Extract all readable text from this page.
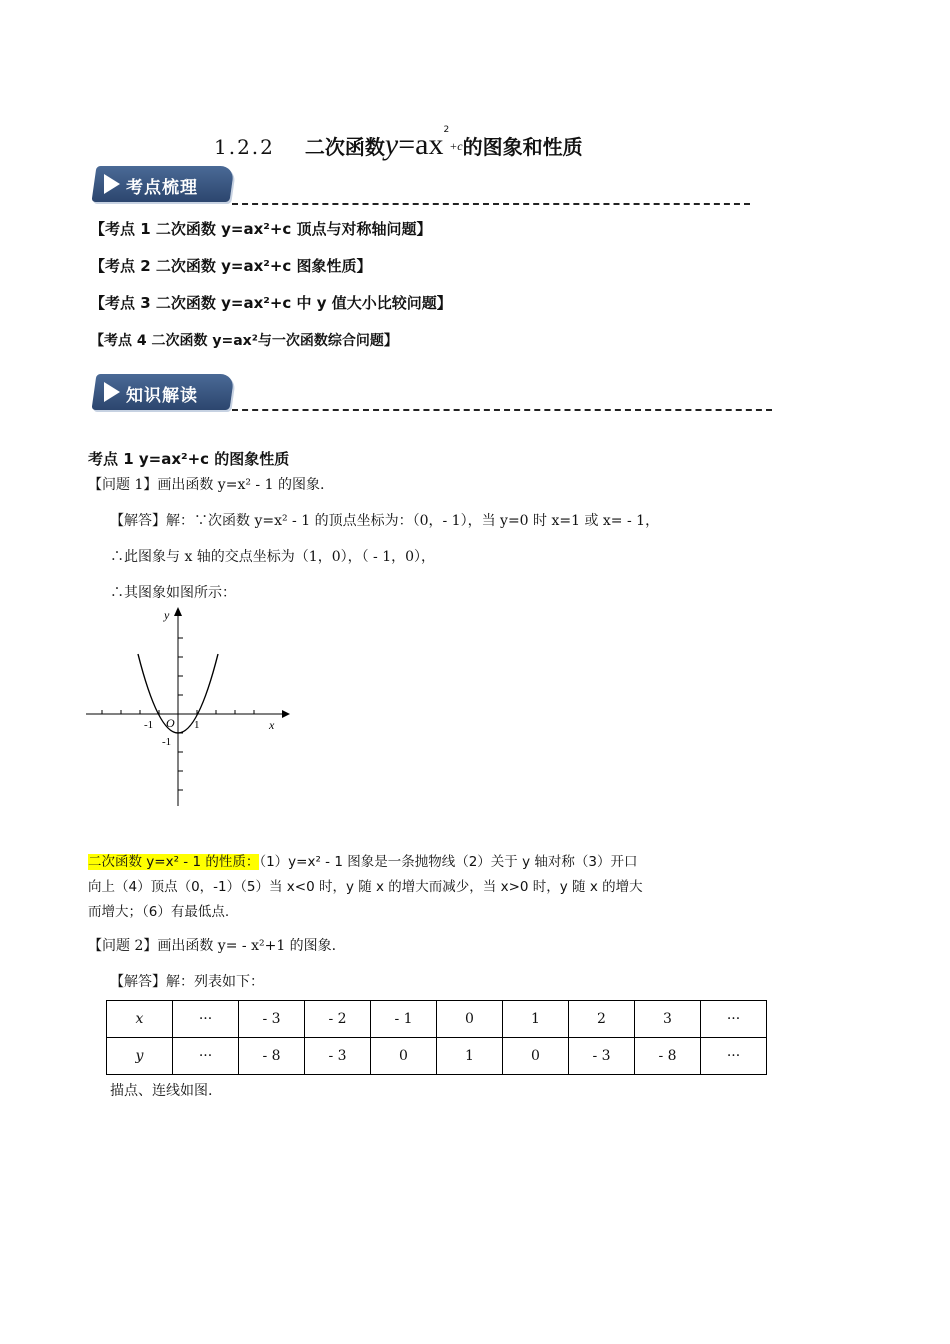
1.2.2 二次函数$y=ax^{2+c}$的图象和性质
考点梳理
【考点 1 二次函数 y=ax²+c 顶点与对称轴问题】
【考点 2 二次函数 y=ax²+c 图象性质】
【考点 3 二次函数 y=ax²+c 中 y 值大小比较问题】
【考点 4 二次函数 y=ax²与一次函数综合问题】
知识解读
考点 1 y=ax²+c 的图象性质
【问题 1】画出函数 y=x² - 1 的图象.
【解答】解：∵次函数 y=x² - 1 的顶点坐标为：（0，- 1），当 y=0 时 x=1 或 x= - 1，
∴此图象与 x 轴的交点坐标为（1，0），（ - 1，0），
∴其图象如图所示：
y
x
O
-1	1
-1
二次函数 y=x² - 1 的性质：（1）y=x² - 1 图象是一条抛物线（2）关于 y 轴对称（3）开口
向上（4）顶点（0，-1）（5）当 x<0 时，y 随 x 的增大而减少，当 x>0 时，y 随 x 的增大
而增大；（6）有最低点.
【问题 2】画出函数 y= - x²+1 的图象.
【解答】解：列表如下：
x	···	- 3	- 2	- 1	0	1	2	3	···
y	···	- 8	- 3	0	1	0	- 3	- 8	···
描点、连线如图.
